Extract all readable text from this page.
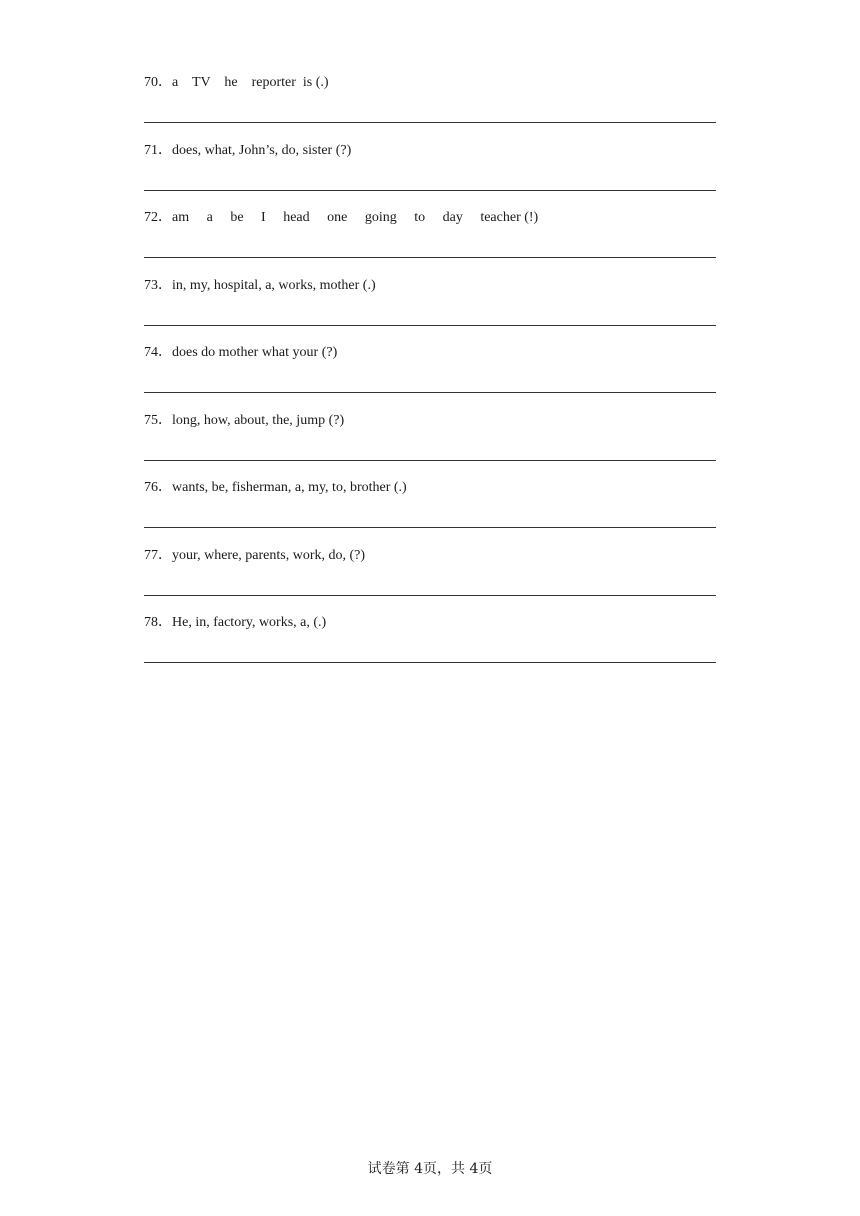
70．a    TV    he    reporter  is (.)
71．does, what, John’s, do, sister (?)
72．am     a     be     I     head     one     going     to     day     teacher (!)
73．in, my, hospital, a, works, mother (.)
74．does do mother what your (?)
75．long, how, about, the, jump (?)
76．wants, be, fisherman, a, my, to, brother (.)
77．your, where, parents, work, do, (?)
78．He, in, factory, works, a, (.)
试卷第 4页，共 4页
